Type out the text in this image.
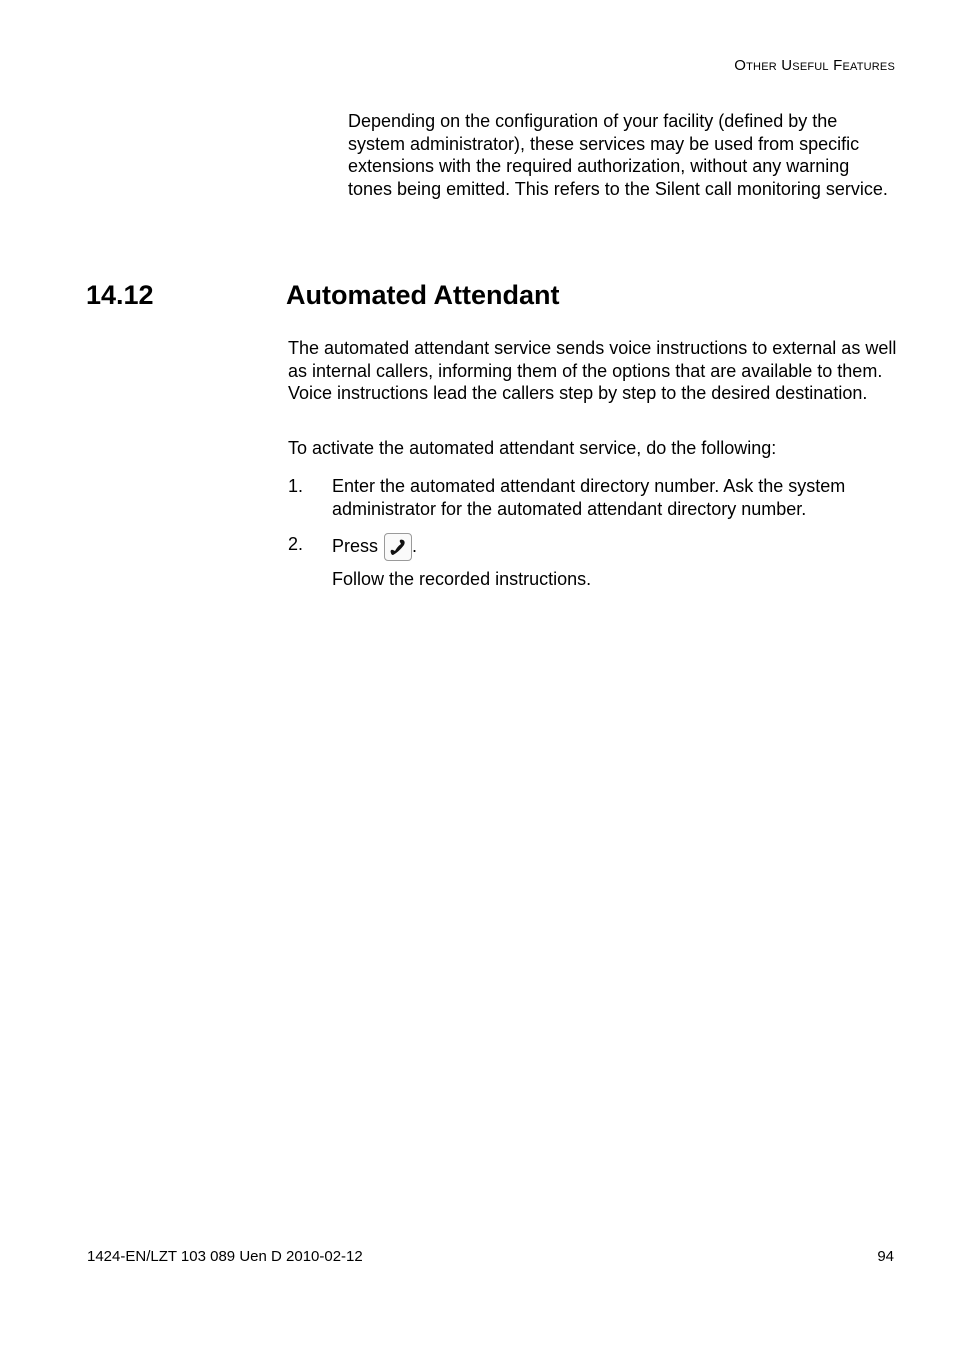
Other Useful Features
Depending on the configuration of your facility (defined by the system administrator), these services may be used from specific extensions with the required authorization, without any warning tones being emitted. This refers to the Silent call monitoring service.
14.12	Automated Attendant
The automated attendant service sends voice instructions to external as well as internal callers, informing them of the options that are available to them. Voice instructions lead the callers step by step to the desired destination.
To activate the automated attendant service, do the following:
1. Enter the automated attendant directory number. Ask the system administrator for the automated attendant directory number.
2. Press .
Follow the recorded instructions.
1424-EN/LZT 103 089 Uen D 2010-02-12	94
